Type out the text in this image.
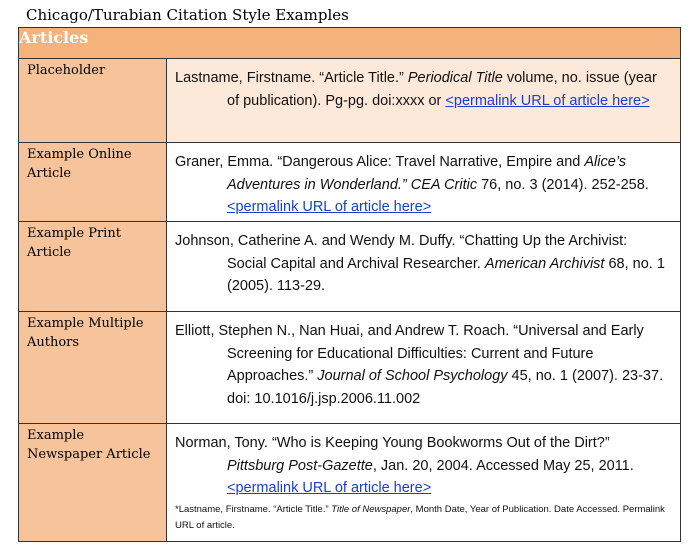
Chicago/Turabian Citation Style Examples
Articles	
Placeholder	Lastname, Firstname. “Article Title.” Periodical Title volume, no. issue (year of publication). Pg-pg. doi:xxxx or <permalink URL of article here>

Example Online Article	Graner, Emma. “Dangerous Alice: Travel Narrative, Empire and Alice’s Adventures in Wonderland.” CEA Critic 76, no. 3 (2014). 252-258. <permalink URL of article here>

Example Print Article	Johnson, Catherine A. and Wendy M. Duffy. “Chatting Up the Archivist: Social Capital and Archival Researcher. American Archivist 68, no. 1 (2005). 113-29.

Example Multiple Authors	Elliott, Stephen N., Nan Huai, and Andrew T. Roach. “Universal and Early Screening for Educational Difficulties: Current and Future Approaches.” Journal of School Psychology 45, no. 1 (2007). 23-37. doi: 10.1016/j.jsp.2006.11.002

Example Newspaper Article	Norman, Tony. “Who is Keeping Young Bookworms Out of the Dirt?” Pittsburg Post-Gazette, Jan. 20, 2004. Accessed May 25, 2011. <permalink URL of article here>
*Lastname, Firstname. “Article Title.” Title of Newspaper, Month Date, Year of Publication. Date Accessed. Permalink URL of article.
